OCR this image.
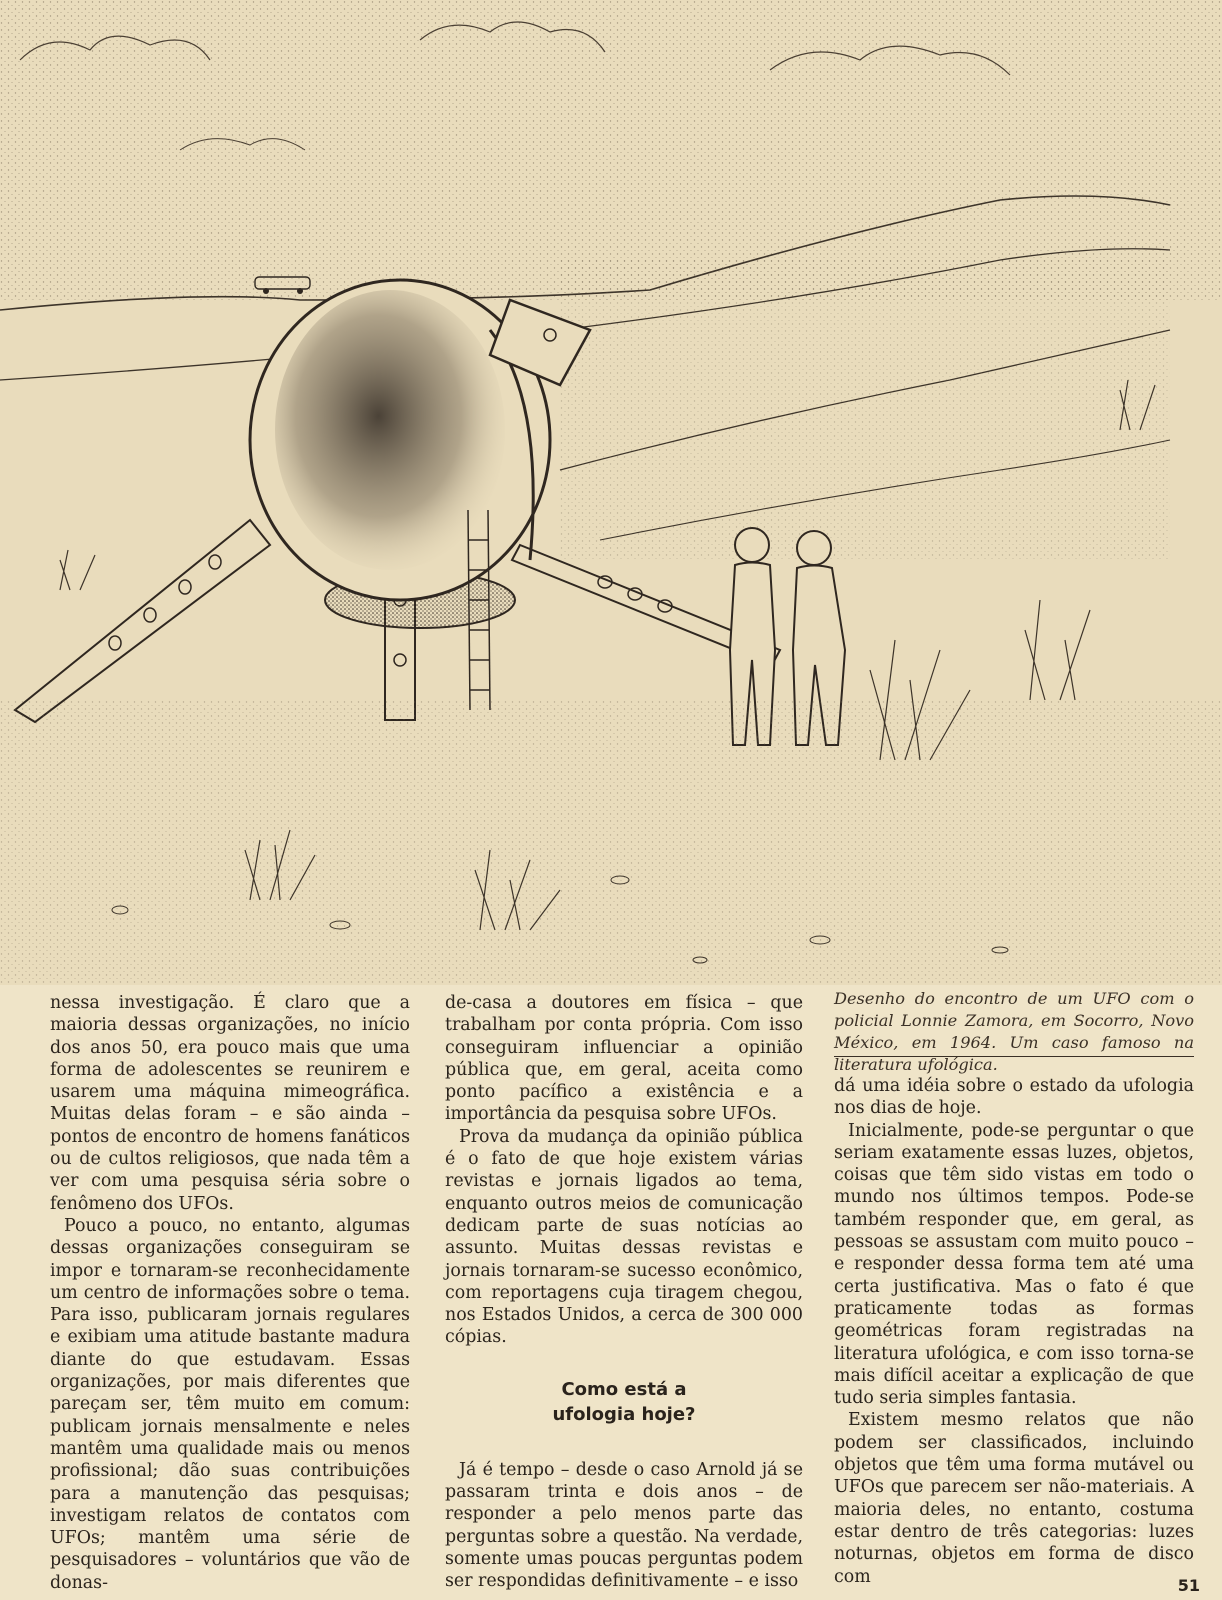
nessa investigação. É claro que a maioria dessas organizações, no início dos anos 50, era pouco mais que uma forma de adolescentes se reunirem e usarem uma máquina mimeográfica. Muitas delas foram – e são ainda – pontos de encontro de homens fanáticos ou de cultos religiosos, que nada têm a ver com uma pesquisa séria sobre o fenômeno dos UFOs.

Pouco a pouco, no entanto, algumas dessas organizações conseguiram se impor e tornaram-se reconhecidamente um centro de informações sobre o tema. Para isso, publicaram jornais regulares e exibiam uma atitude bastante madura diante do que estudavam. Essas organizações, por mais diferentes que pareçam ser, têm muito em comum: publicam jornais mensalmente e neles mantêm uma qualidade mais ou menos profissional; dão suas contribuições para a manutenção das pesquisas; investigam relatos de contatos com UFOs; mantêm uma série de pesquisadores – voluntários que vão de donas-

de-casa a doutores em física – que trabalham por conta própria. Com isso conseguiram influenciar a opinião pública que, em geral, aceita como ponto pacífico a existência e a importância da pesquisa sobre UFOs.

Prova da mudança da opinião pública é o fato de que hoje existem várias revistas e jornais ligados ao tema, enquanto outros meios de comunicação dedicam parte de suas notícias ao assunto. Muitas dessas revistas e jornais tornaram-se sucesso econômico, com reportagens cuja tiragem chegou, nos Estados Unidos, a cerca de 300 000 cópias.

Como está a
ufologia hoje?

Já é tempo – desde o caso Arnold já se passaram trinta e dois anos – de responder a pelo menos parte das perguntas sobre a questão. Na verdade, somente umas poucas perguntas podem ser respondidas definitivamente – e isso

Desenho do encontro de um UFO com o policial Lonnie Zamora, em Socorro, Novo México, em 1964. Um caso famoso na literatura ufológica.

dá uma idéia sobre o estado da ufologia nos dias de hoje.

Inicialmente, pode-se perguntar o que seriam exatamente essas luzes, objetos, coisas que têm sido vistas em todo o mundo nos últimos tempos. Pode-se também responder que, em geral, as pessoas se assustam com muito pouco – e responder dessa forma tem até uma certa justificativa. Mas o fato é que praticamente todas as formas geométricas foram registradas na literatura ufológica, e com isso torna-se mais difícil aceitar a explicação de que tudo seria simples fantasia.

Existem mesmo relatos que não podem ser classificados, incluindo objetos que têm uma forma mutável ou UFOs que parecem ser não-materiais. A maioria deles, no entanto, costuma estar dentro de três categorias: luzes noturnas, objetos em forma de disco com	51
